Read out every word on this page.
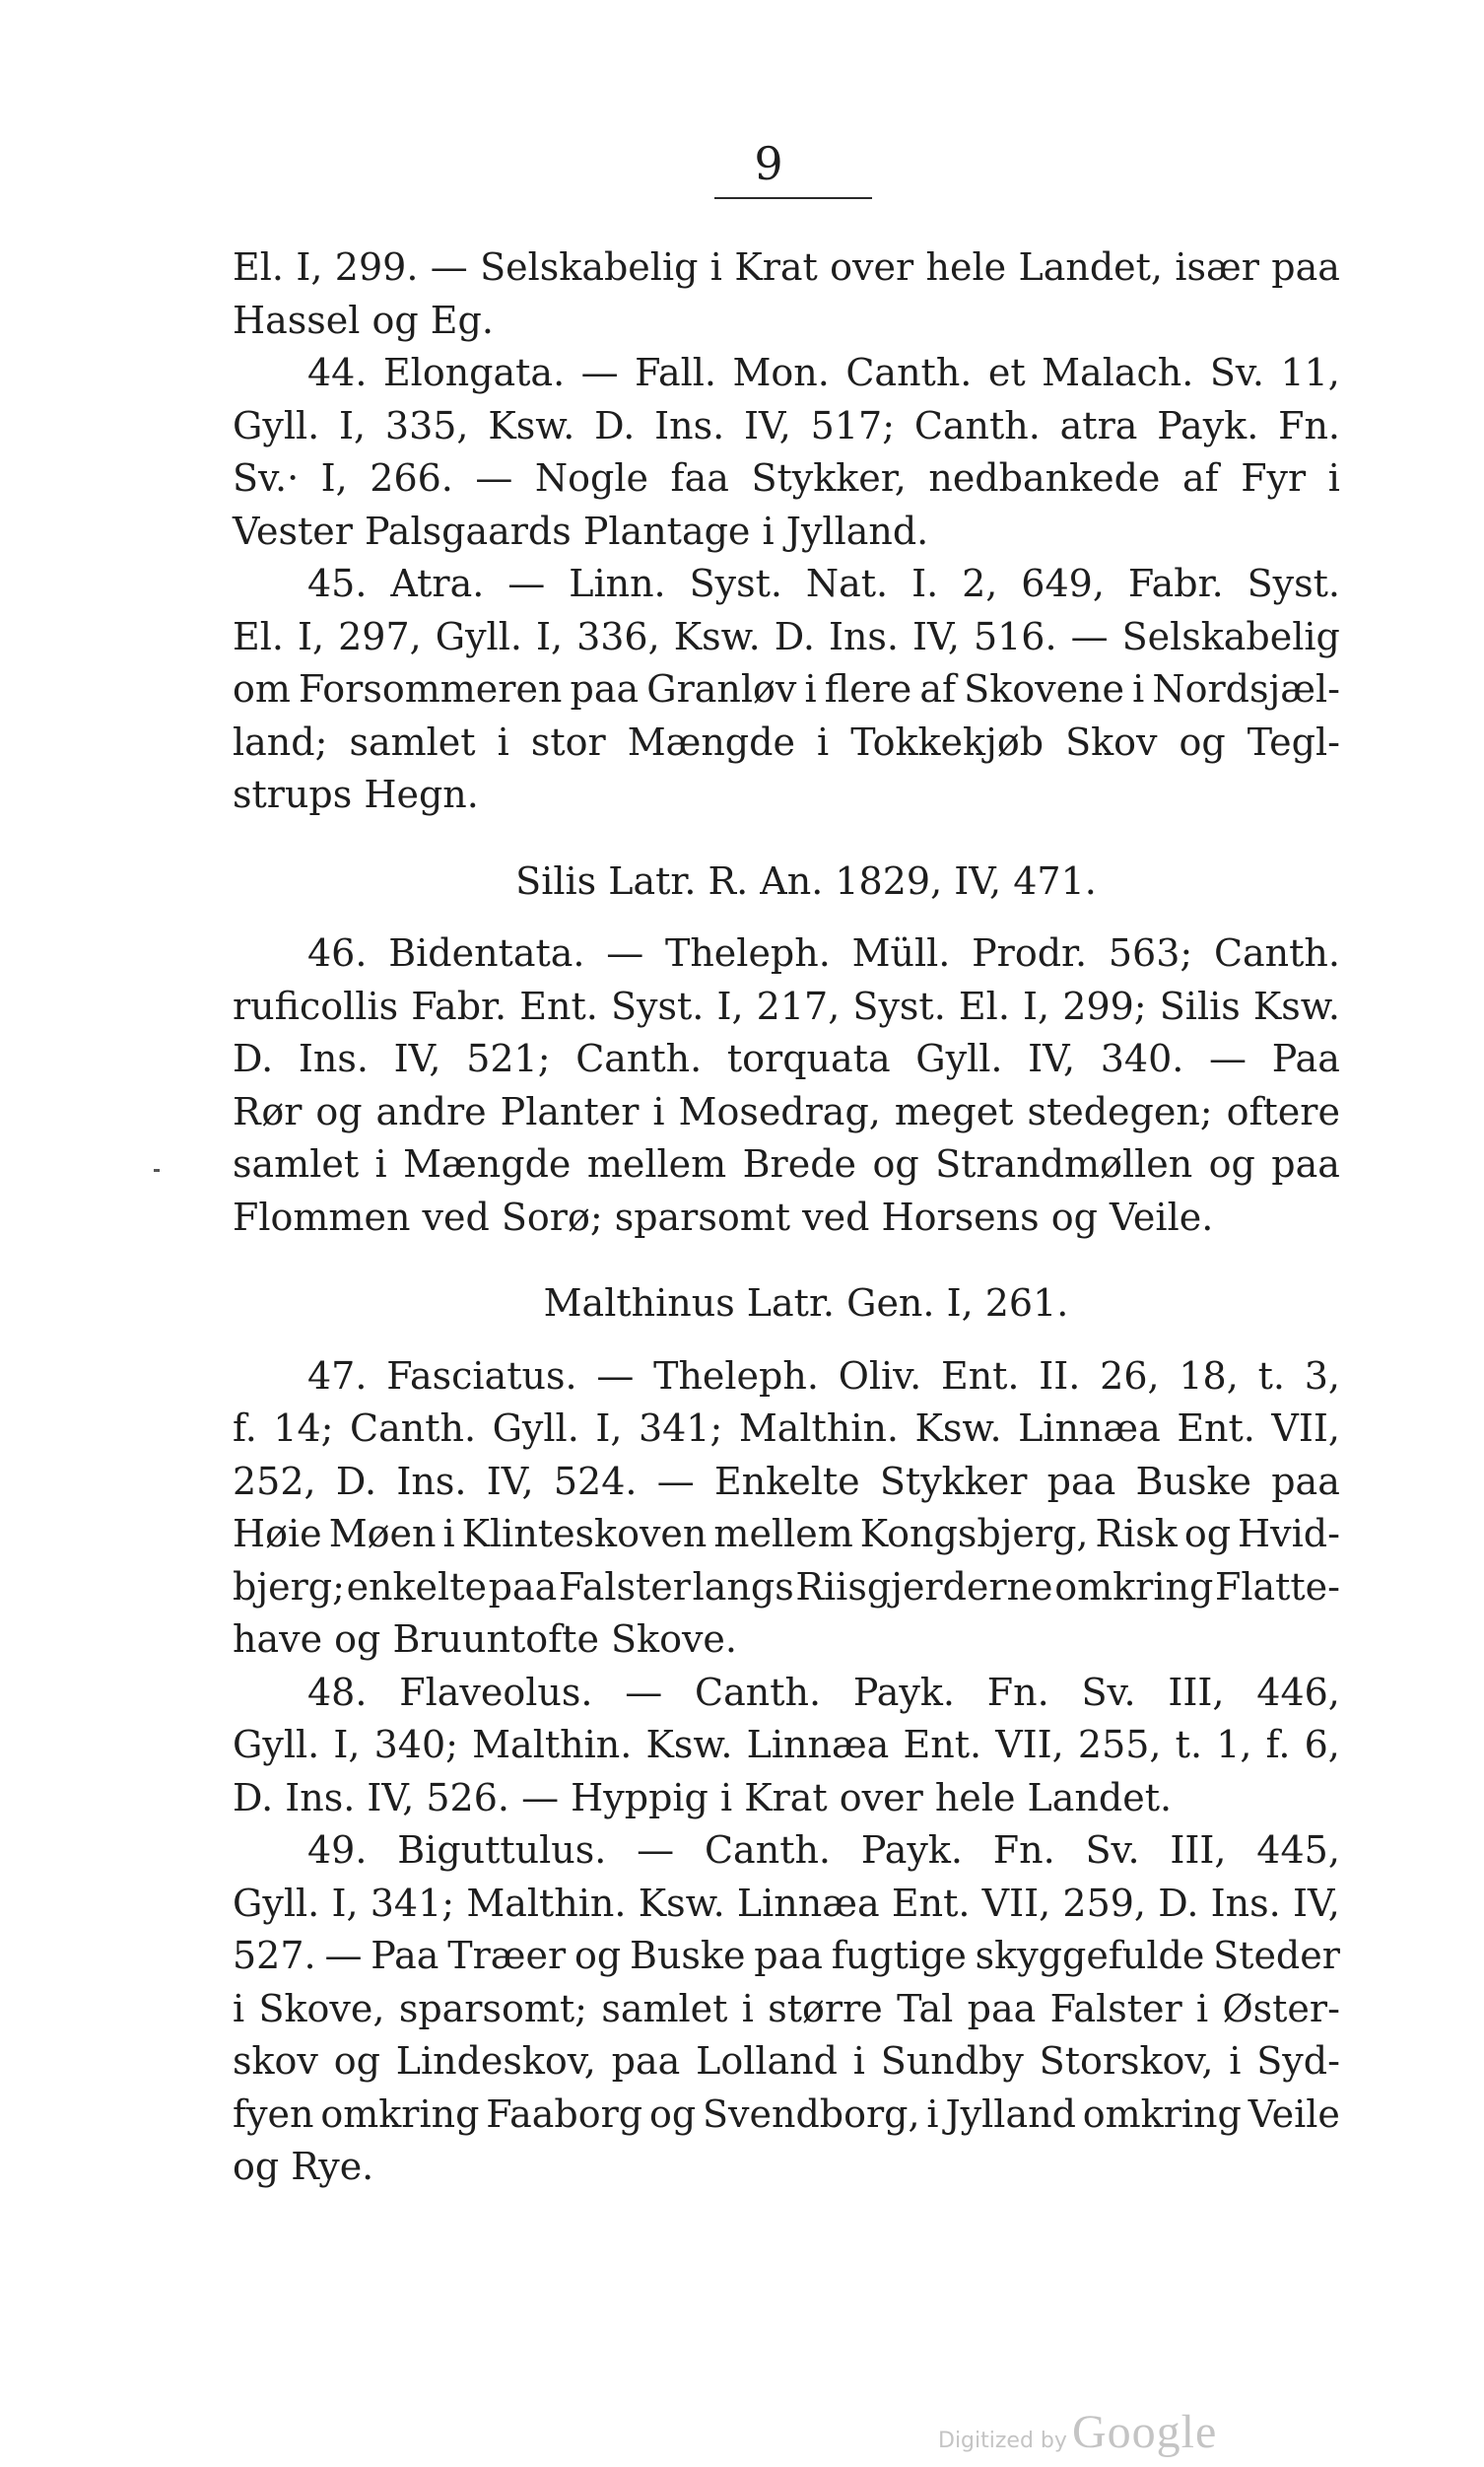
9
El. I, 299. — Selskabelig i Krat over hele Landet, især paa
Hassel og Eg.
44. Elongata. — Fall. Mon. Canth. et Malach. Sv. 11,
Gyll. I, 335, Ksw. D. Ins. IV, 517; Canth. atra Payk. Fn.
Sv.· I, 266. — Nogle faa Stykker, nedbankede af Fyr i
Vester Palsgaards Plantage i Jylland.
45. Atra. — Linn. Syst. Nat. I. 2, 649, Fabr. Syst.
El. I, 297, Gyll. I, 336, Ksw. D. Ins. IV, 516. — Selskabelig
om Forsommeren paa Granløv i flere af Skovene i Nordsjæl-
land; samlet i stor Mængde i Tokkekjøb Skov og Tegl-
strups Hegn.
Silis Latr. R. An. 1829, IV, 471.
46. Bidentata. — Theleph. Müll. Prodr. 563; Canth.
ruficollis Fabr. Ent. Syst. I, 217, Syst. El. I, 299; Silis Ksw.
D. Ins. IV, 521; Canth. torquata Gyll. IV, 340. — Paa
Rør og andre Planter i Mosedrag, meget stedegen; oftere
samlet i Mængde mellem Brede og Strandmøllen og paa
Flommen ved Sorø; sparsomt ved Horsens og Veile.
Malthinus Latr. Gen. I, 261.
47. Fasciatus. — Theleph. Oliv. Ent. II. 26, 18, t. 3,
f. 14; Canth. Gyll. I, 341; Malthin. Ksw. Linnæa Ent. VII,
252, D. Ins. IV, 524. — Enkelte Stykker paa Buske paa
Høie Møen i Klinteskoven mellem Kongsbjerg, Risk og Hvid-
bjerg; enkelte paa Falster langs Riisgjerderne omkring Flatte-
have og Bruuntofte Skove.
48. Flaveolus. — Canth. Payk. Fn. Sv. III, 446,
Gyll. I, 340; Malthin. Ksw. Linnæa Ent. VII, 255, t. 1, f. 6,
D. Ins. IV, 526. — Hyppig i Krat over hele Landet.
49. Biguttulus. — Canth. Payk. Fn. Sv. III, 445,
Gyll. I, 341; Malthin. Ksw. Linnæa Ent. VII, 259, D. Ins. IV,
527. — Paa Træer og Buske paa fugtige skyggefulde Steder
i Skove, sparsomt; samlet i større Tal paa Falster i Øster-
skov og Lindeskov, paa Lolland i Sundby Storskov, i Syd-
fyen omkring Faaborg og Svendborg, i Jylland omkring Veile
og Rye.
Digitized by Google
